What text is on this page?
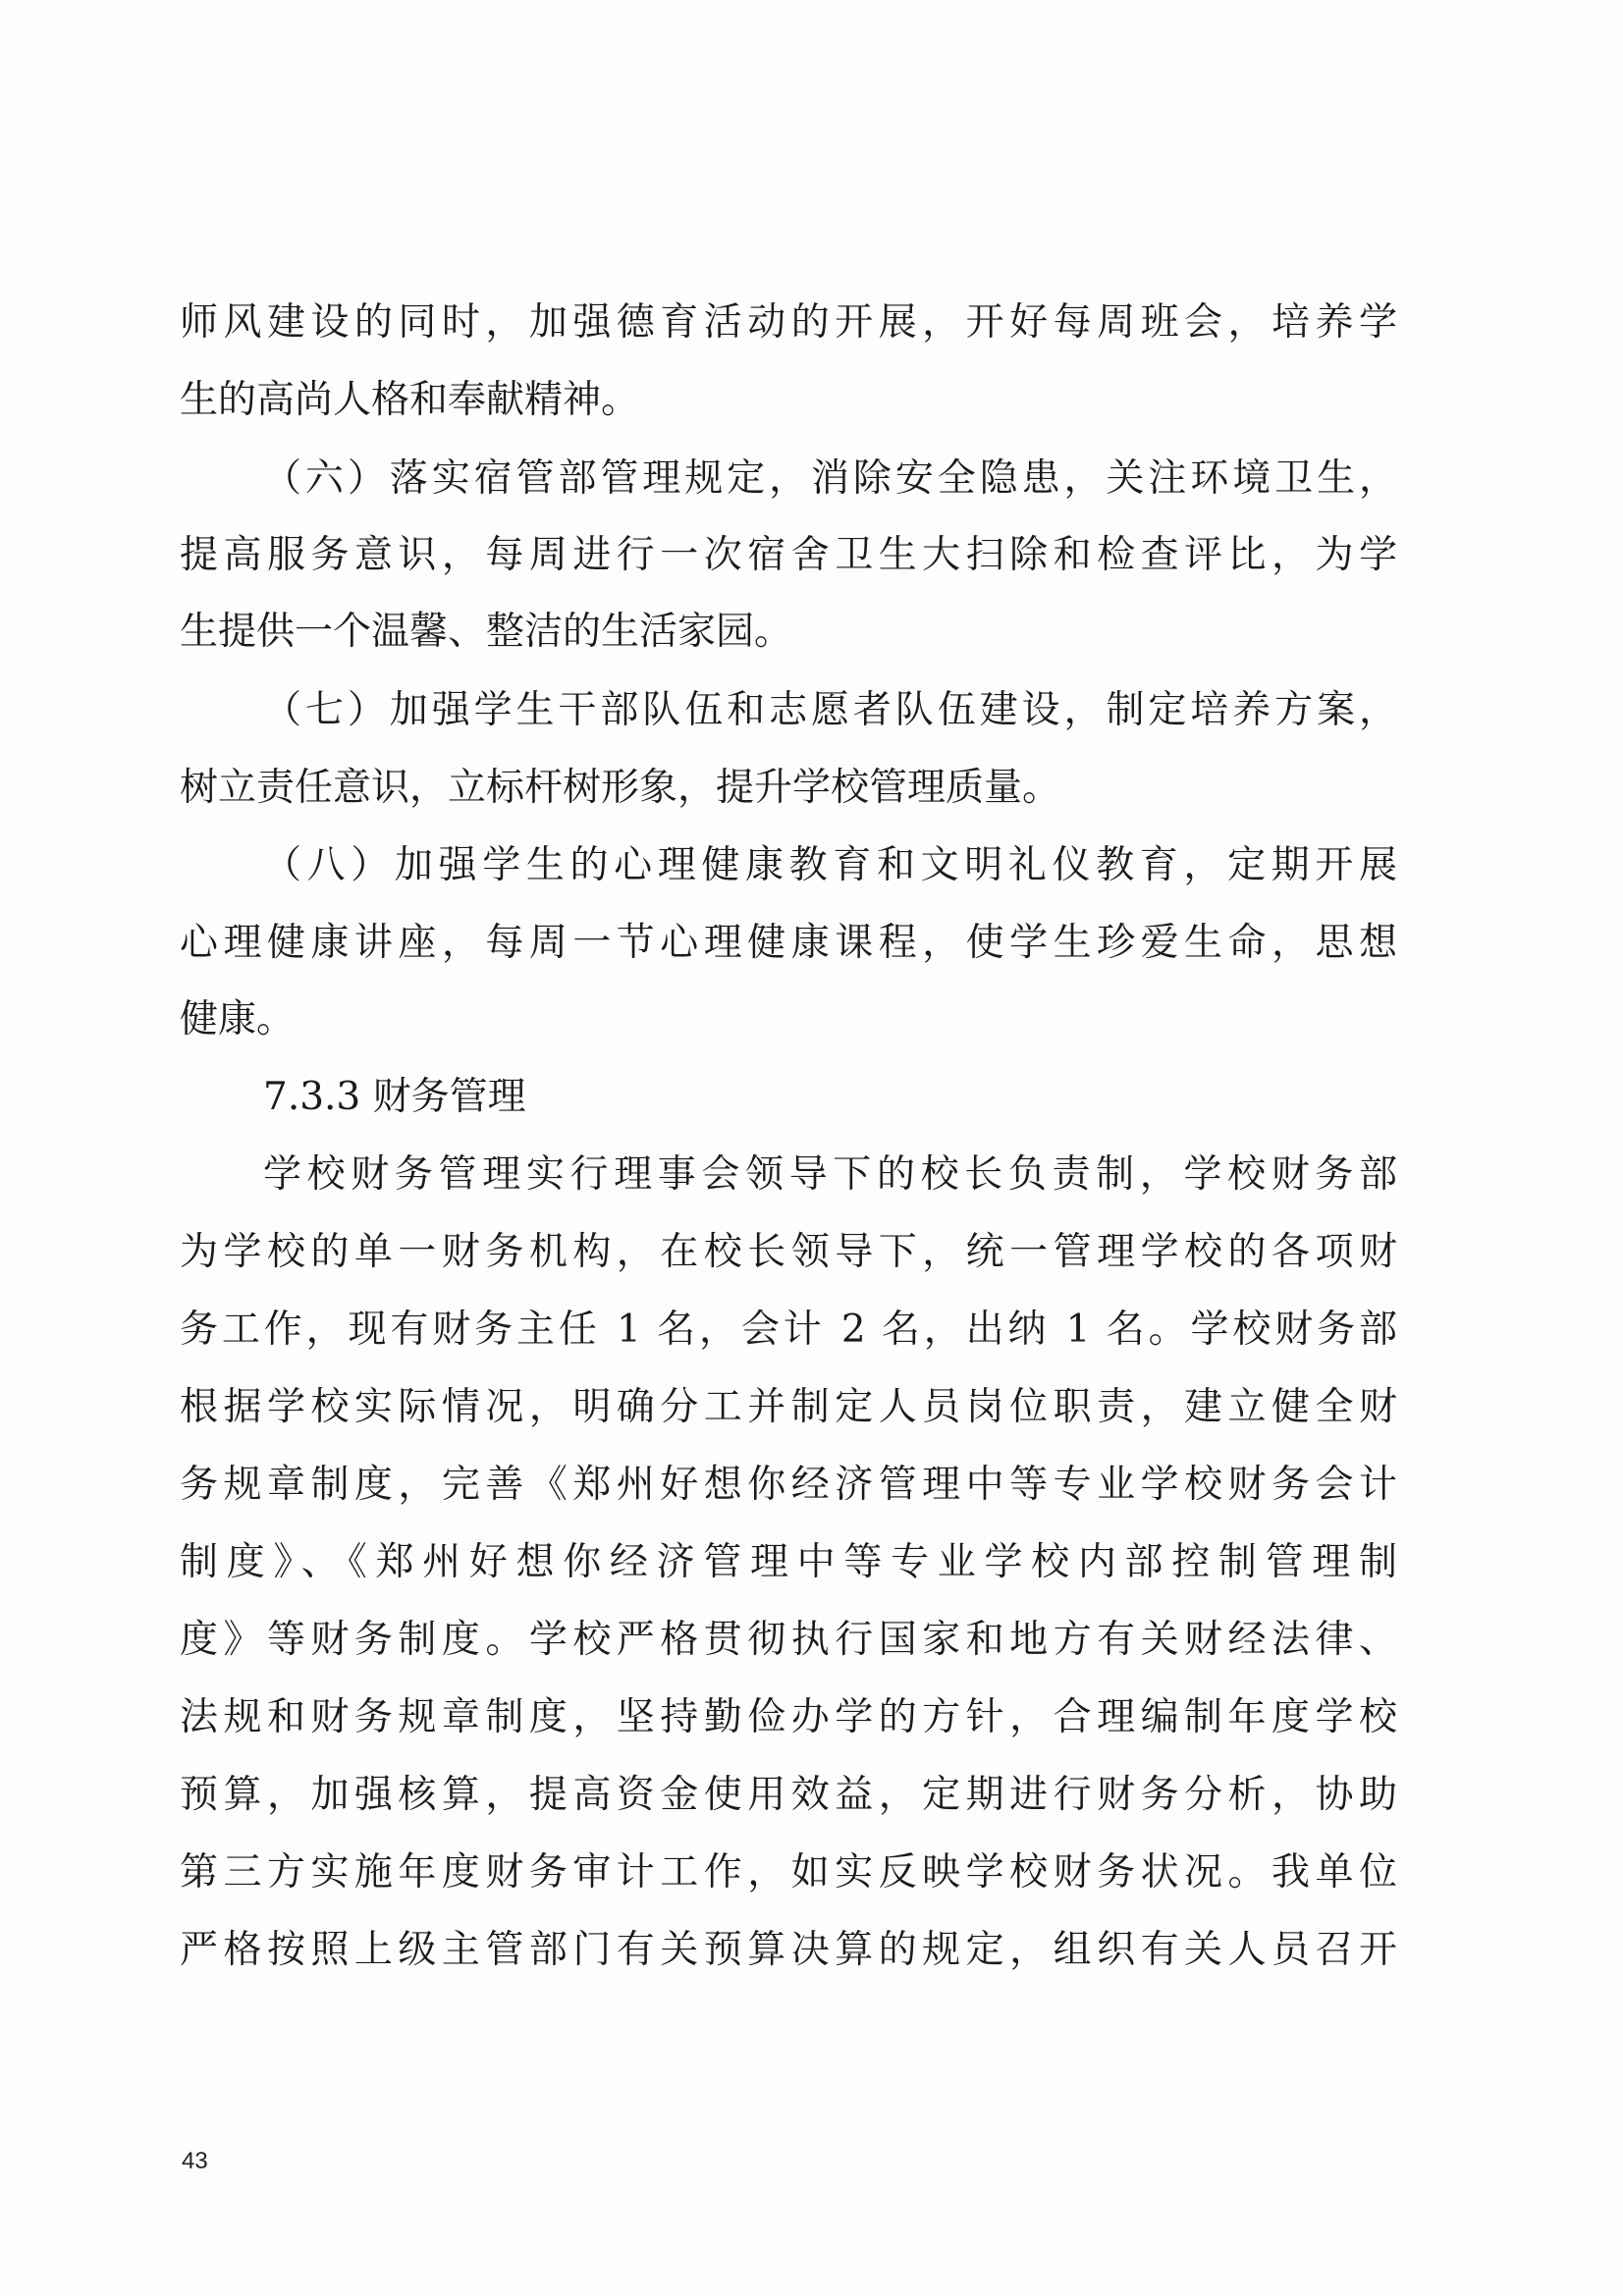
师风建设的同时，加强德育活动的开展，开好每周班会，培养学
生的高尚人格和奉献精神。
（六）落实宿管部管理规定，消除安全隐患，关注环境卫生，
提高服务意识，每周进行一次宿舍卫生大扫除和检查评比，为学
生提供一个温馨、整洁的生活家园。
（七）加强学生干部队伍和志愿者队伍建设，制定培养方案，
树立责任意识，立标杆树形象，提升学校管理质量。
（八）加强学生的心理健康教育和文明礼仪教育，定期开展
心理健康讲座，每周一节心理健康课程，使学生珍爱生命，思想
健康。
7.3.3 财务管理
学校财务管理实行理事会领导下的校长负责制，学校财务部
为学校的单一财务机构，在校长领导下，统一管理学校的各项财
务工作，现有财务主任 1 名，会计 2 名，出纳 1 名。学校财务部
根据学校实际情况，明确分工并制定人员岗位职责，建立健全财
务规章制度，完善《郑州好想你经济管理中等专业学校财务会计
制度》、《郑州好想你经济管理中等专业学校内部控制管理制
度》等财务制度。学校严格贯彻执行国家和地方有关财经法律、
法规和财务规章制度，坚持勤俭办学的方针，合理编制年度学校
预算，加强核算，提高资金使用效益，定期进行财务分析，协助
第三方实施年度财务审计工作，如实反映学校财务状况。我单位
严格按照上级主管部门有关预算决算的规定，组织有关人员召开
43
